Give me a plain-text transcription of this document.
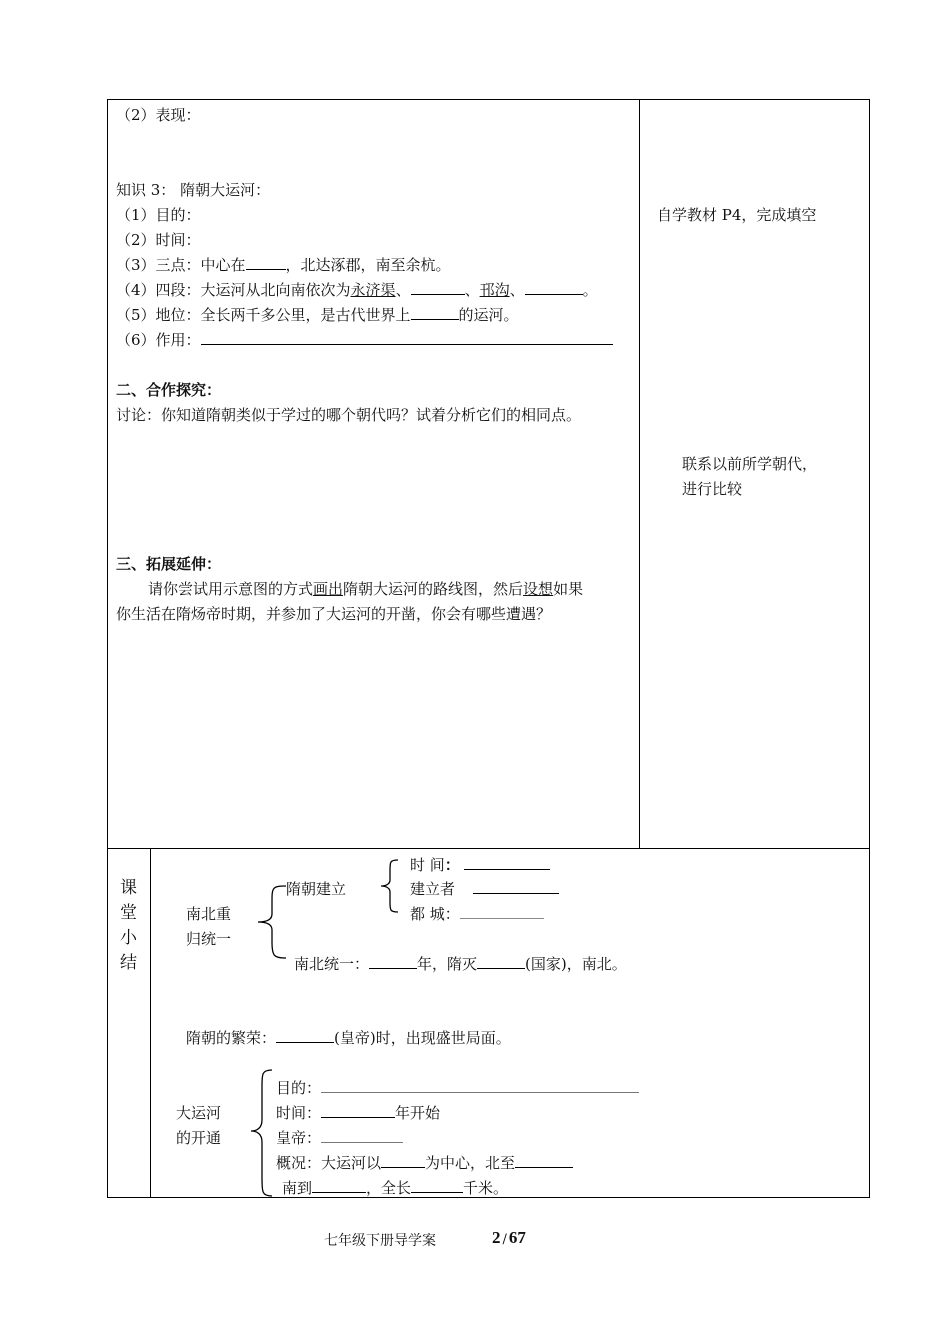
（2）表现：
知识 3： 隋朝大运河：
（1）目的：
（2）时间：
（3）三点：中心在	，北达涿郡，南至余杭。
（4）四段：大运河从北向南依次为永济渠、	、邗沟、	。
（5）地位：全长两千多公里，是古代世界上	的运河。
（6）作用：
二、合作探究：
讨论：你知道隋朝类似于学过的哪个朝代吗？试着分析它们的相同点。
三、拓展延伸：
请你尝试用示意图的方式画出隋朝大运河的路线图，然后设想如果
你生活在隋炀帝时期，并参加了大运河的开凿，你会有哪些遭遇？
自学教材 P4，完成填空
联系以前所学朝代，
进行比较
课
堂
小
结
南北重
归统一
隋朝建立
时 间：
建立者
都 城：
南北统一：	年，隋灭	(国家)，南北。
隋朝的繁荣：	(皇帝)时，出现盛世局面。
大运河
的开通
目的：
时间：	年开始
皇帝：
概况：大运河以	为中心，北至
南到	，全长	千米。
七年级下册导学案	2 / 67
